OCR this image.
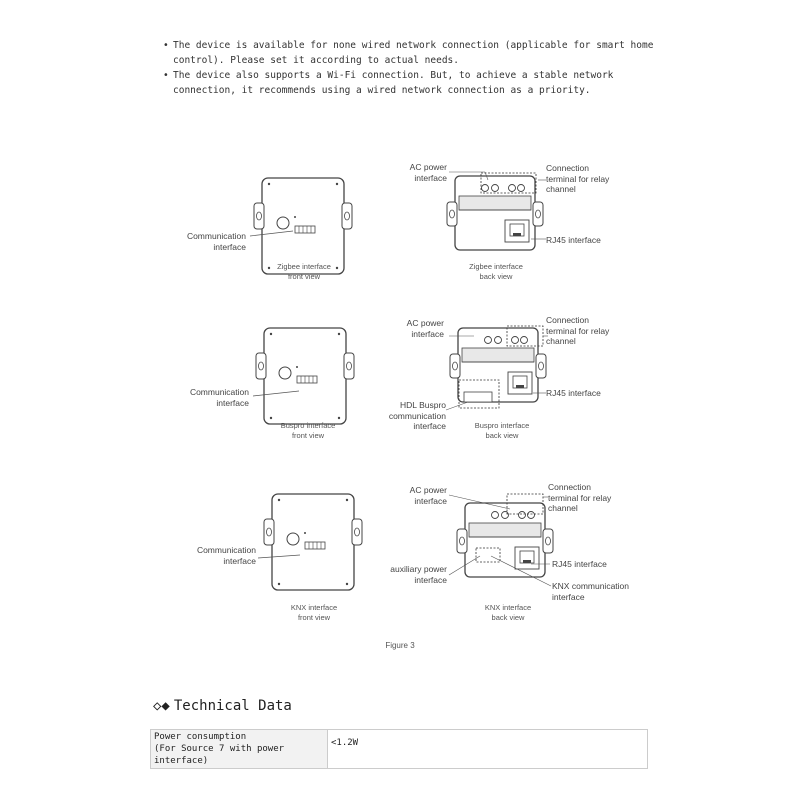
• The device is available for none wired network connection (applicable for smart home control). Please set it according to actual needs.
• The device also supports a Wi-Fi connection. But, to achieve a stable network connection, it recommends using a wired network connection as a priority.
Communication
interface
Zigbee interface
front view
AC power
interface
Connection
terminal for relay
channel
RJ45 interface
Zigbee interface
back view
Communication
interface
Buspro interface
front view
AC power
interface
Connection
terminal for relay
channel
RJ45 interface
HDL Buspro
communication
interface	Buspro interface
back view
Communication
interface
KNX interface
front view
AC power
interface
Connection
terminal for relay
channel
RJ45 interface
auxiliary power
interface
KNX communication
interface
KNX interface
back view
Figure 3
◇◆ Technical Data
Power consumption
(For Source 7 with power interface)
	<1.2W
